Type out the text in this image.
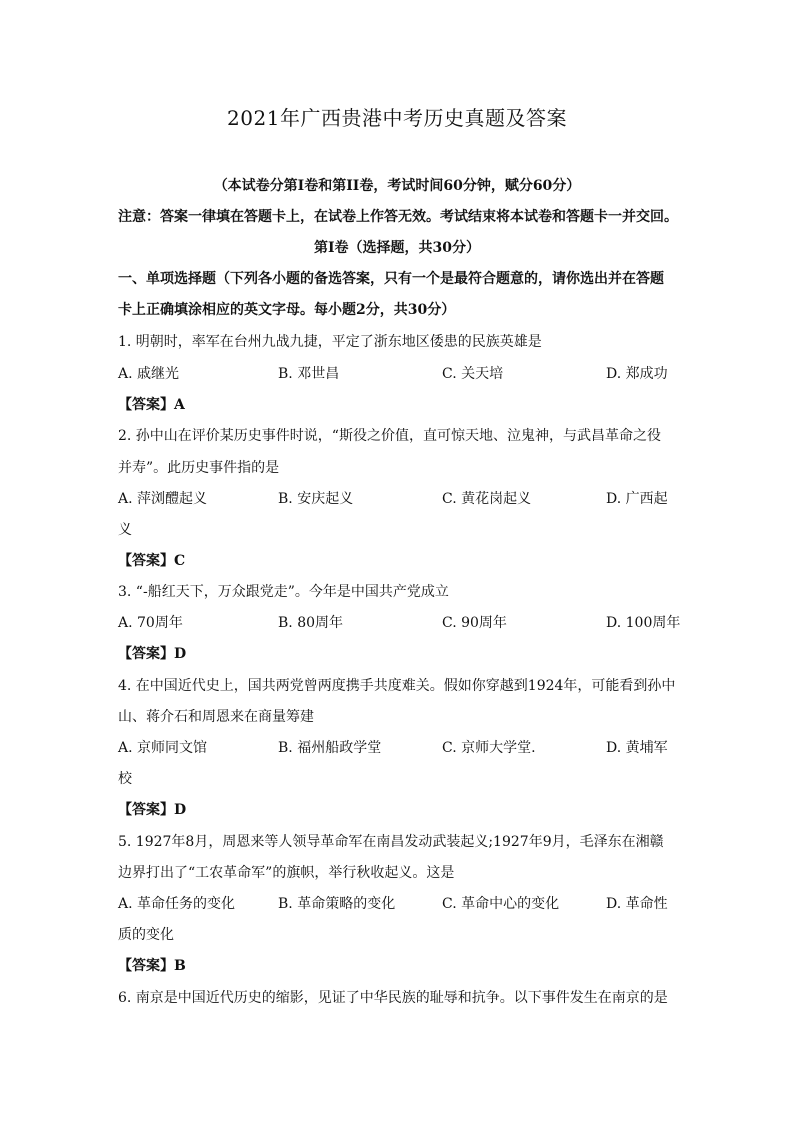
2021年广西贵港中考历史真题及答案
（本试卷分第I卷和第II卷，考试时间60分钟，赋分60分）
注意：答案一律填在答题卡上，在试卷上作答无效。考试结束将本试卷和答题卡一并交回。
第I卷（选择题，共30分）
一、单项选择题（下列各小题的备选答案，只有一个是最符合题意的，请你选出并在答题
卡上正确填涂相应的英文字母。每小题2分，共30分）
1. 明朝时，率军在台州九战九捷，平定了浙东地区倭患的民族英雄是
A. 戚继光	B. 邓世昌	C. 关天培	D. 郑成功
【答案】A
2. 孙中山在评价某历史事件时说，“斯役之价值，直可惊天地、泣鬼神，与武昌革命之役
并寿”。此历史事件指的是
A. 萍浏醴起义	B. 安庆起义	C. 黄花岗起义	D. 广西起
义
【答案】C
3. “-船红天下，万众跟党走”。今年是中国共产党成立
A. 70周年	B. 80周年	C. 90周年	D. 100周年
【答案】D
4. 在中国近代史上，国共两党曾两度携手共度难关。假如你穿越到1924年，可能看到孙中
山、蒋介石和周恩来在商量筹建
A. 京师同文馆	B. 福州船政学堂	C. 京师大学堂.	D. 黄埔军
校
【答案】D
5. 1927年8月，周恩来等人领导革命军在南昌发动武装起义;1927年9月，毛泽东在湘赣
边界打出了“工农革命军”的旗帜，举行秋收起义。这是
A. 革命任务的变化	B. 革命策略的变化	C. 革命中心的变化	D. 革命性
质的变化
【答案】B
6. 南京是中国近代历史的缩影，见证了中华民族的耻辱和抗争。以下事件发生在南京的是
